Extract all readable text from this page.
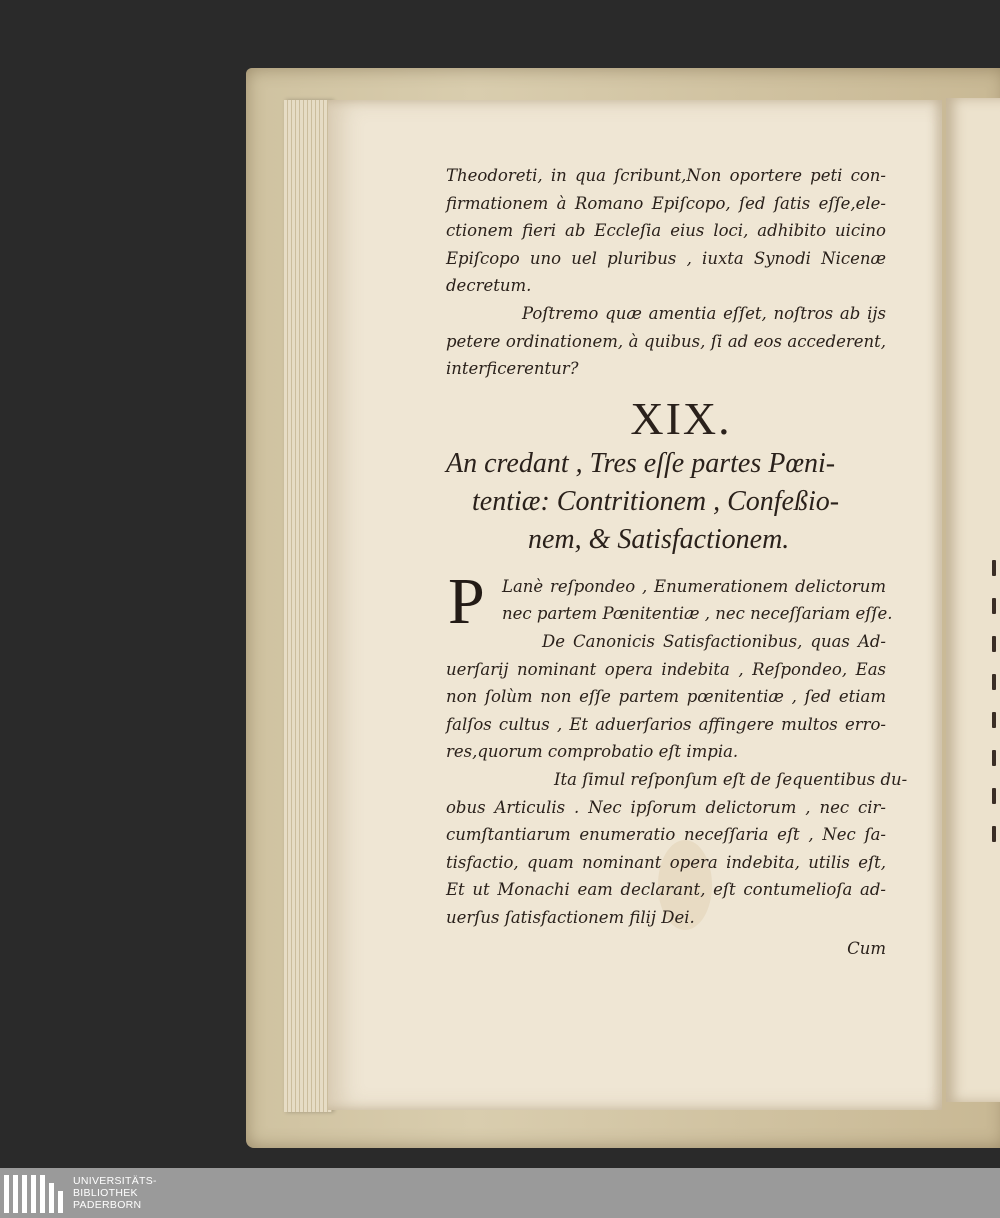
Theodoreti, in qua ſcribunt,Non oportere peti con-
firmationem à Romano Epiſcopo, ſed ſatis eſſe,ele-
ctionem fieri ab Eccleſia eius loci, adhibito uicino
Epiſcopo uno uel pluribus , iuxta Synodi Nicenæ
decretum.
Poſtremo quæ amentia eſſet, noſtros ab ijs
petere ordinationem, à quibus, ſi ad eos accederent,
interficerentur?
XIX.
An credant , Tres eſſe partes Pœni-
tentiæ: Contritionem , Confeßio-
nem, & Satisfactionem.
P	Lanè reſpondeo , Enumerationem delictorum
nec partem Pœnitentiæ , nec neceſſariam eſſe.
De Canonicis Satisfactionibus, quas Ad-
uerſarij nominant opera indebita , Reſpondeo, Eas
non ſolùm non eſſe partem pœnitentiæ , ſed etiam
falſos cultus , Et aduerſarios affingere multos erro-
res,quorum comprobatio eſt impia.
Ita ſimul reſponſum eſt de ſequentibus du-
obus Articulis . Nec ipſorum delictorum , nec cir-
cumſtantiarum enumeratio neceſſaria eſt , Nec ſa-
tisfactio, quam nominant opera indebita, utilis eſt,
Et ut Monachi eam declarant, eſt contumelioſa ad-
uerſus ſatisfactionem filij Dei.
Cum
UNIVERSITÄTS-
BIBLIOTHEK
PADERBORN
